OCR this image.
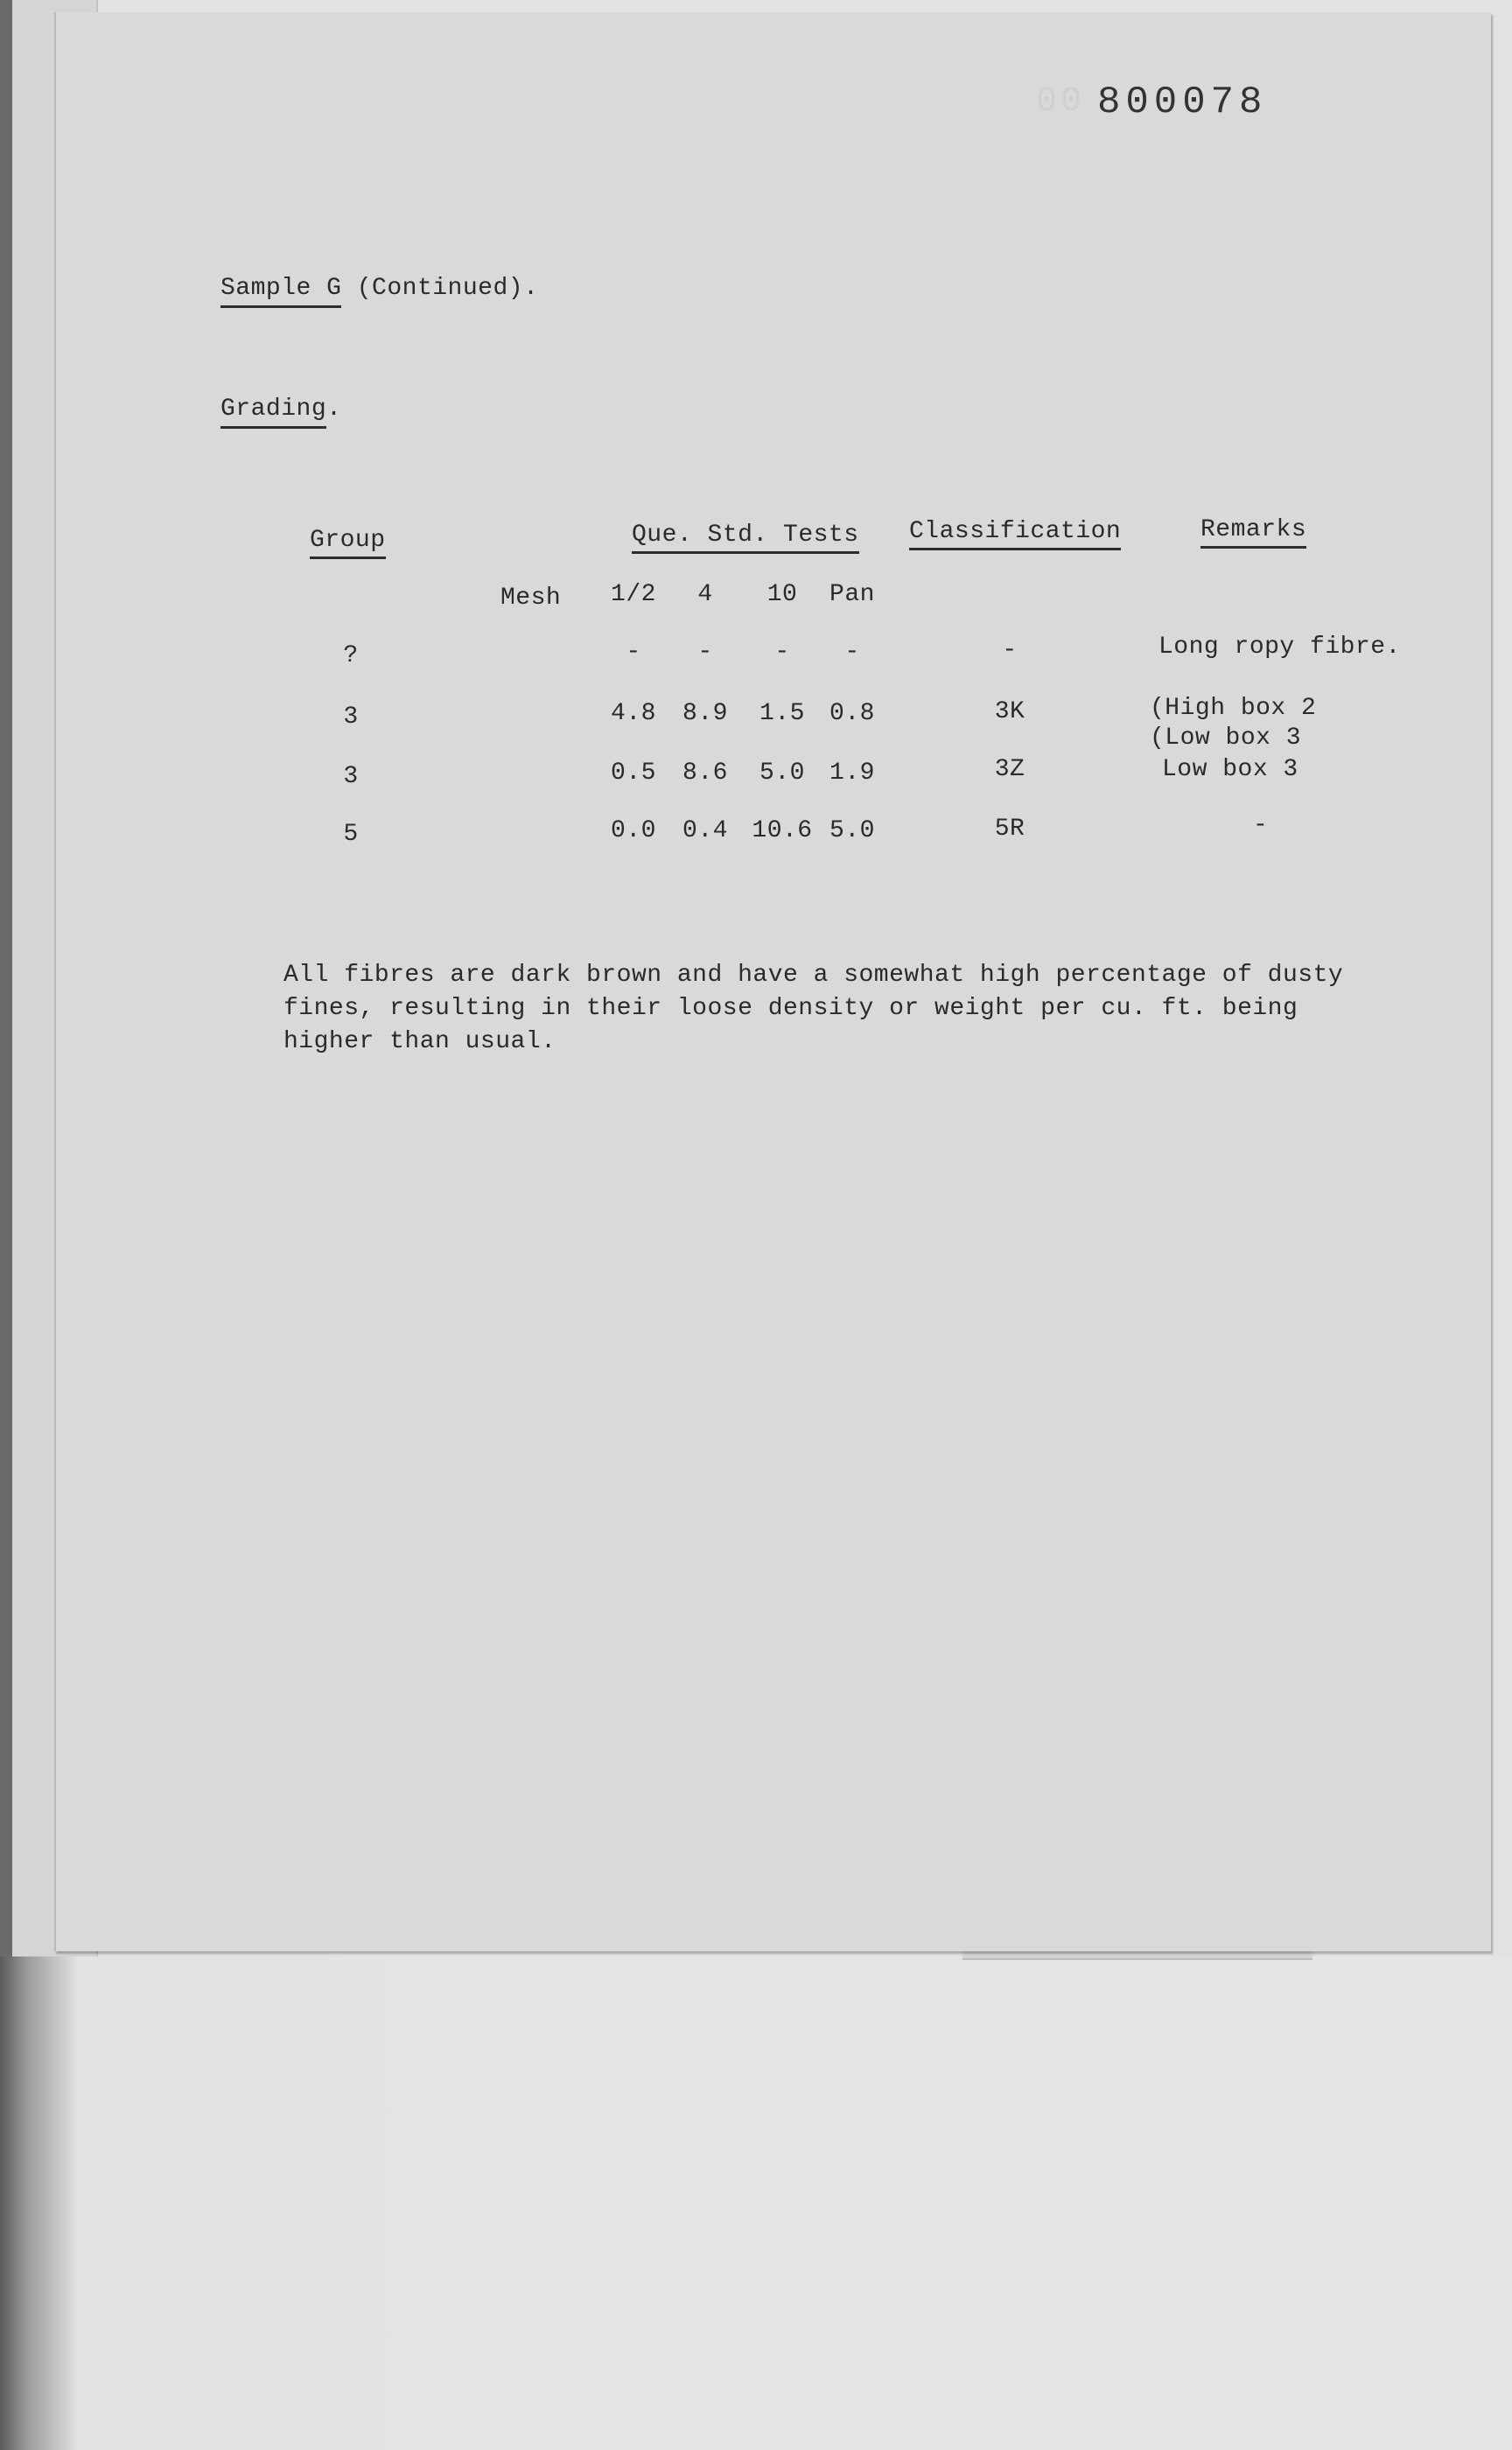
00 800078
Sample G (Continued).
Grading.
Group	Que. Std. Tests Classification	Remarks
Mesh	1/2	4	10	Pan
?	-	-	-	-	-	Long ropy fibre.
3	4.8	8.9	1.5	0.8	3K	(High box 2
(Low box 3
3	0.5	8.6	5.0	1.9	3Z	Low box 3
5	0.0	0.4 10.6 5.0	5R	-
All fibres are dark brown and have a somewhat high percentage of dusty
fines, resulting in their loose density or weight per cu. ft. being
higher than usual.
